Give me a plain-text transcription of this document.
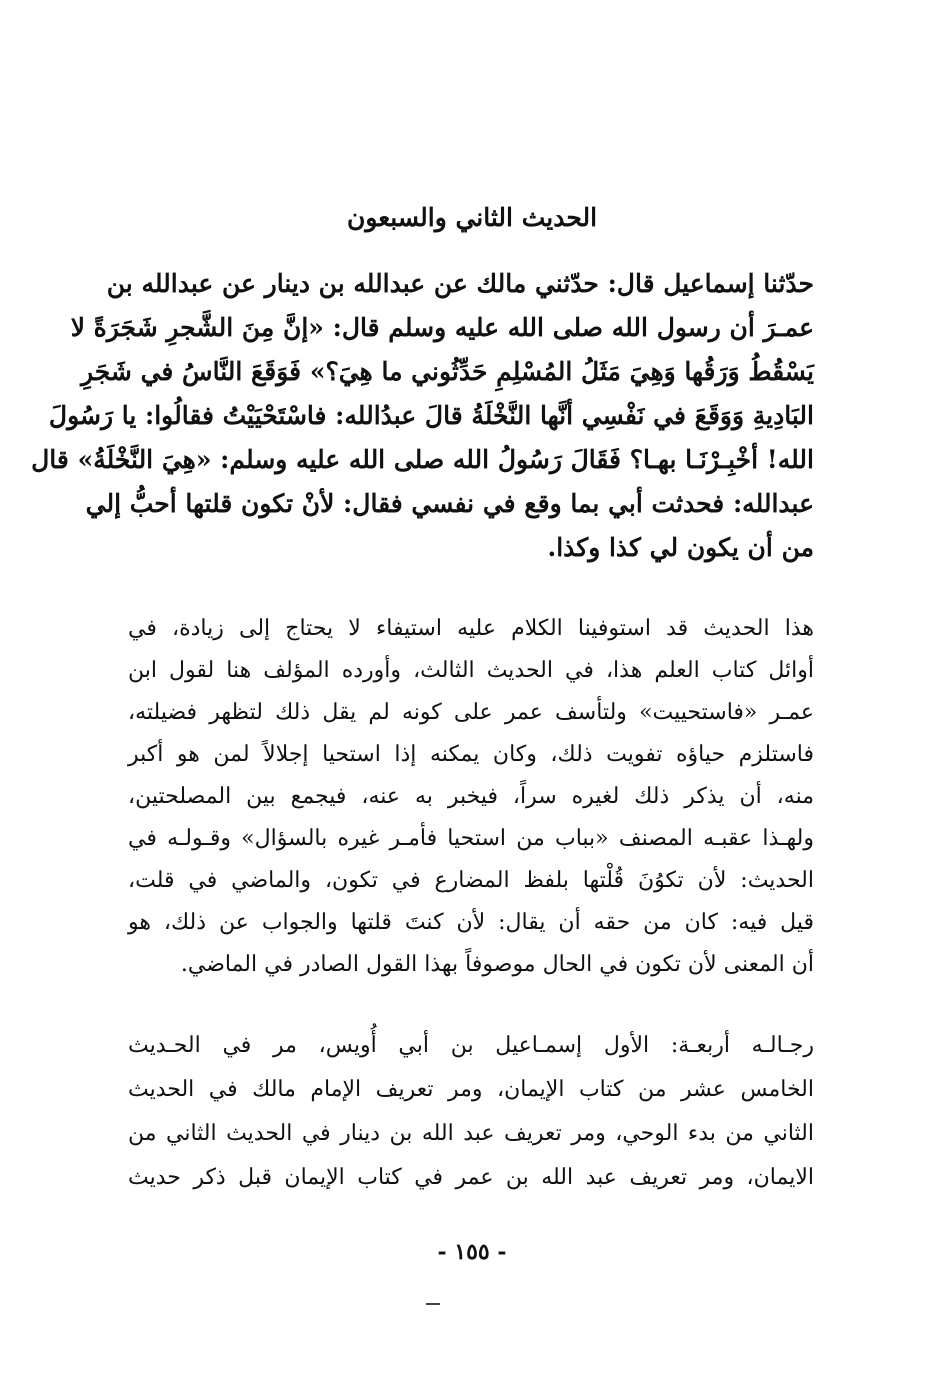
الحديث الثاني والسبعون
حدّثنا إسماعيل قال: حدّثني مالك عن عبدالله بن دينار عن عبدالله بن
عمـرَ أن رسول الله صلى الله عليه وسلم قال: «إنَّ مِنَ الشَّجرِ شَجَرَةً لا
يَسْقُطُ وَرَقُها وَهِيَ مَثَلُ المُسْلِمِ حَدِّثُوني ما هِيَ؟» فَوَقَعَ النَّاسُ في شَجَرِ
البَادِيةِ وَوَقَعَ في نَفْسِي أنَّها النَّخْلَةُ قالَ عبدُالله: فاسْتَحْيَيْتُ فقالُوا: يا رَسُولَ
الله! أخْبِـرْنَـا بهـا؟ فَقَالَ رَسُولُ الله صلى الله عليه وسلم: «هِيَ النَّخْلَةُ» قال
عبدالله: فحدثت أبي بما وقع في نفسي فقال: لأنْ تكون قلتها أحبُّ إلي
من أن يكون لي كذا وكذا.
هذا الحديث قد استوفينا الكلام عليه استيفاء لا يحتاج إلى زيادة، في
أوائل كتاب العلم هذا، في الحديث الثالث، وأورده المؤلف هنا لقول ابن
عمـر «فاستحييت» ولتأسف عمر على كونه لم يقل ذلك لتظهر فضيلته،
فاستلزم حياؤه تفويت ذلك، وكان يمكنه إذا استحيا إجلالاً لمن هو أكبر
منه، أن يذكر ذلك لغيره سراً، فيخبر به عنه، فيجمع بين المصلحتين،
ولهـذا عقبـه المصنف «بباب من استحيا فأمـر غيره بالسؤال» وقـولـه في
الحديث: لأن تكوُنَ قُلْتها بلفظ المضارع في تكون، والماضي في قلت،
قيل فيه: كان من حقه أن يقال: لأن كنتَ قلتها والجواب عن ذلك، هو
أن المعنى لأن تكون في الحال موصوفاً بهذا القول الصادر في الماضي.
رجـالـه أربعـة: الأول إسمـاعيل بن أبي أُويس، مر في الحـديث
الخامس عشر من كتاب الإيمان، ومر تعريف الإمام مالك في الحديث
الثاني من بدء الوحي، ومر تعريف عبد الله بن دينار في الحديث الثاني من
الايمان، ومر تعريف عبد الله بن عمر في كتاب الإيمان قبل ذكر حديث
- ١٥٥ -
